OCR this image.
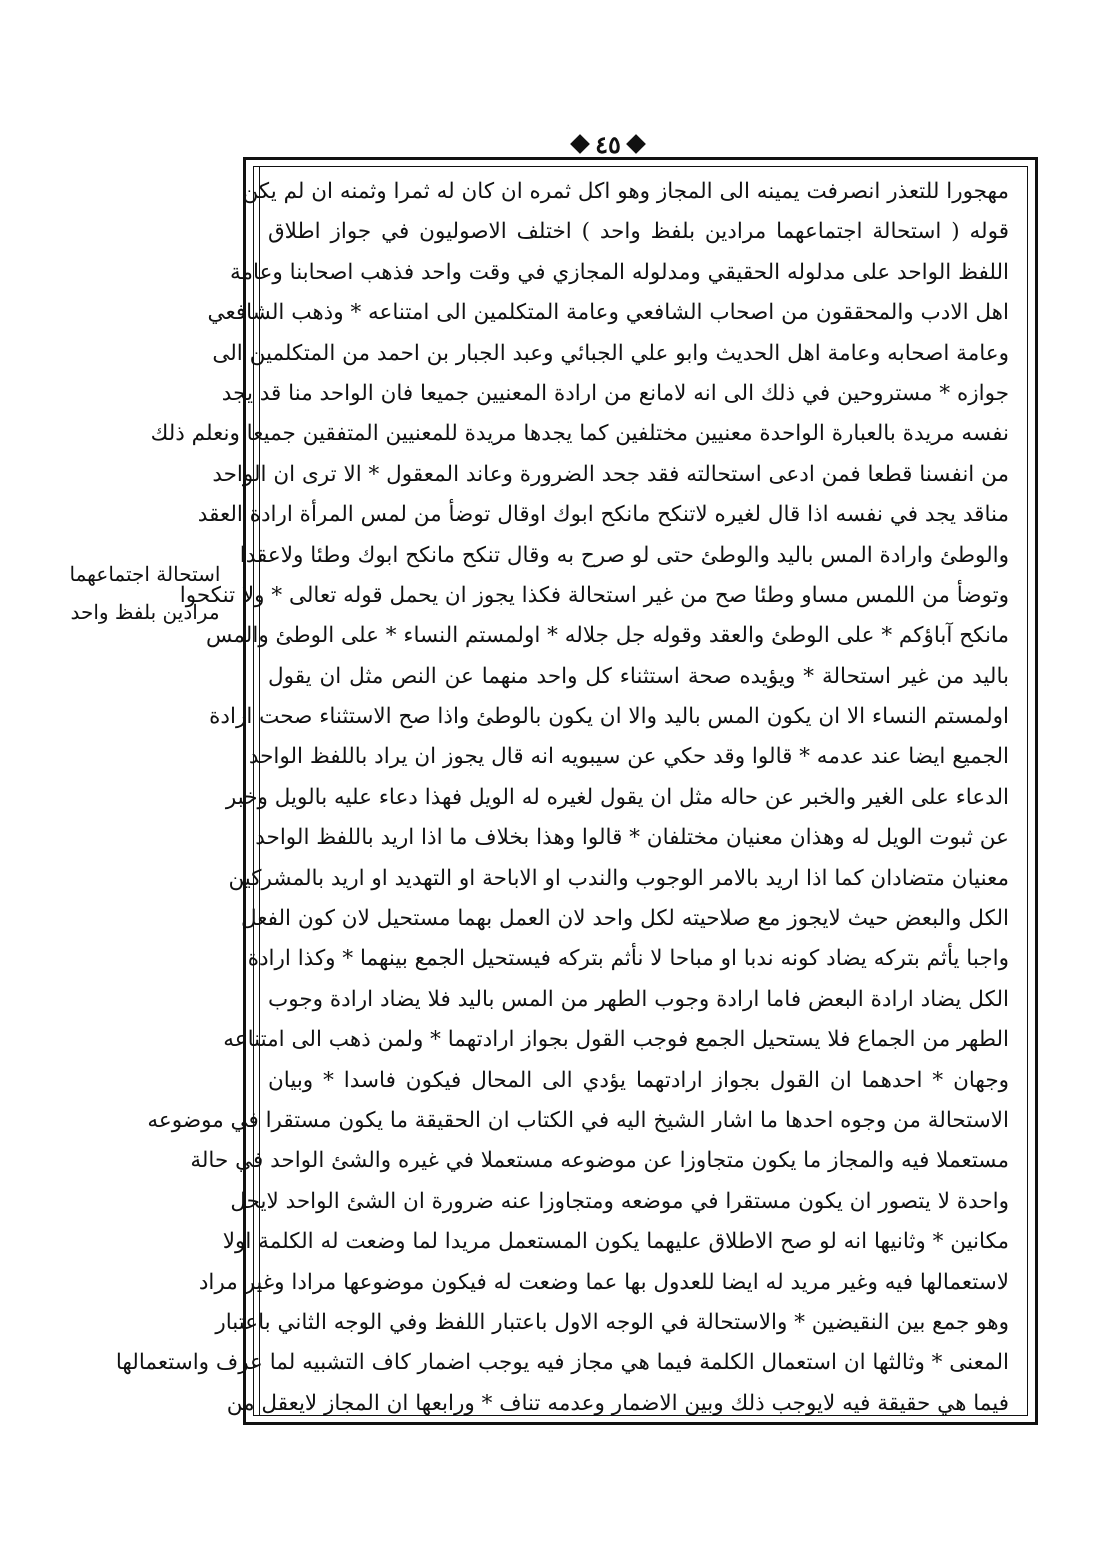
٤٥
استحالة اجتماعهما
مرادين بلفظ واحد
مهجورا للتعذر انصرفت يمينه الى المجاز وهو اكل ثمره ان كان له ثمرا وثمنه ان لم يكن
قوله ( استحالة اجتماعهما مرادين بلفظ واحد ) اختلف الاصوليون في جواز اطلاق
اللفظ الواحد على مدلوله الحقيقي ومدلوله المجازي في وقت واحد فذهب اصحابنا وعامة
اهل الادب والمحققون من اصحاب الشافعي وعامة المتكلمين الى امتناعه * وذهب الشافعي
وعامة اصحابه وعامة اهل الحديث وابو علي الجبائي وعبد الجبار بن احمد من المتكلمين الى
جوازه * مستروحين في ذلك الى انه لامانع من ارادة المعنيين جميعا فان الواحد منا قد يجد
نفسه مريدة بالعبارة الواحدة معنيين مختلفين كما يجدها مريدة للمعنيين المتفقين جميعا ونعلم ذلك
من انفسنا قطعا فمن ادعى استحالته فقد جحد الضرورة وعاند المعقول * الا ترى ان الواحد
مناقد يجد في نفسه اذا قال لغيره لاتنكح مانكح ابوك اوقال توضأ من لمس المرأة ارادة العقد
والوطئ وارادة المس باليد والوطئ حتى لو صرح به وقال تنكح مانكح ابوك وطئا ولاعقدا
وتوضأ من اللمس مساو وطئا صح من غير استحالة فكذا يجوز ان يحمل قوله تعالى * ولا تنكحوا
مانكح آباؤكم * على الوطئ والعقد وقوله جل جلاله * اولمستم النساء * على الوطئ والمس
باليد من غير استحالة * ويؤيده صحة استثناء كل واحد منهما عن النص مثل ان يقول
اولمستم النساء الا ان يكون المس باليد والا ان يكون بالوطئ واذا صح الاستثناء صحت ارادة
الجميع ايضا عند عدمه * قالوا وقد حكي عن سيبويه انه قال يجوز ان يراد باللفظ الواحد
الدعاء على الغير والخبر عن حاله مثل ان يقول لغيره له الويل فهذا دعاء عليه بالويل وخبر
عن ثبوت الويل له وهذان معنيان مختلفان * قالوا وهذا بخلاف ما اذا اريد باللفظ الواحد
معنيان متضادان كما اذا اريد بالامر الوجوب والندب او الاباحة او التهديد او اريد بالمشركين
الكل والبعض حيث لايجوز مع صلاحيته لكل واحد لان العمل بهما مستحيل لان كون الفعل
واجبا يأثم بتركه يضاد كونه ندبا او مباحا لا نأثم بتركه فيستحيل الجمع بينهما * وكذا ارادة
الكل يضاد ارادة البعض فاما ارادة وجوب الطهر من المس باليد فلا يضاد ارادة وجوب
الطهر من الجماع فلا يستحيل الجمع فوجب القول بجواز ارادتهما * ولمن ذهب الى امتناعه
وجهان * احدهما ان القول بجواز ارادتهما يؤدي الى المحال فيكون فاسدا * وبيان
الاستحالة من وجوه احدها ما اشار الشيخ اليه في الكتاب ان الحقيقة ما يكون مستقرا في موضوعه
مستعملا فيه والمجاز ما يكون متجاوزا عن موضوعه مستعملا في غيره والشئ الواحد في حالة
واحدة لا يتصور ان يكون مستقرا في موضعه ومتجاوزا عنه ضرورة ان الشئ الواحد لايحل
مكانين * وثانيها انه لو صح الاطلاق عليهما يكون المستعمل مريدا لما وضعت له الكلمة اولا
لاستعمالها فيه وغير مريد له ايضا للعدول بها عما وضعت له فيكون موضوعها مرادا وغير مراد
وهو جمع بين النقيضين * والاستحالة في الوجه الاول باعتبار اللفظ وفي الوجه الثاني باعتبار
المعنى * وثالثها ان استعمال الكلمة فيما هي مجاز فيه يوجب اضمار كاف التشبيه لما عرف واستعمالها
فيما هي حقيقة فيه لايوجب ذلك وبين الاضمار وعدمه تناف * ورابعها ان المجاز لايعقل من
